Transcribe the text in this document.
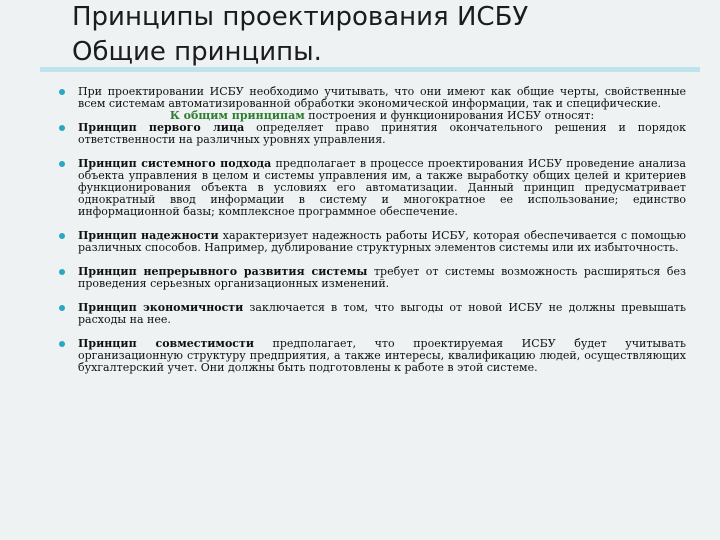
Принципы проектирования ИСБУ
Общие принципы.
При проектировании ИСБУ необходимо учитывать, что они имеют как общие черты, свойственные всем системам автоматизированной обработки экономической информации, так и специфические.
К общим принципам построения и функционирования ИСБУ относят:
Принцип первого лица определяет право принятия окончательного решения и порядок ответственности на различных уровнях управления.
Принцип системного подхода предполагает в процессе проектирования ИСБУ проведение анализа объекта управления в целом и системы управления им, а также выработку общих целей и критериев функционирования объекта в условиях его автоматизации. Данный принцип предусматривает однократный ввод информации в систему и многократное ее использование; единство информационной базы; комплексное программное обеспечение.
Принцип надежности характеризует надежность работы ИСБУ, которая обеспечивается с помощью различных способов. Например, дублирование структурных элементов системы или их избыточность.
Принцип непрерывного развития системы требует от системы возможность расширяться без проведения серьезных организационных изменений.
Принцип экономичности заключается в том, что выгоды от новой ИСБУ не должны превышать расходы на нее.
Принцип совместимости предполагает, что проектируемая ИСБУ будет учитывать организационную структуру предприятия, а также интересы, квалификацию людей, осуществляющих бухгалтерский учет. Они должны быть подготовлены к работе в этой системе.
